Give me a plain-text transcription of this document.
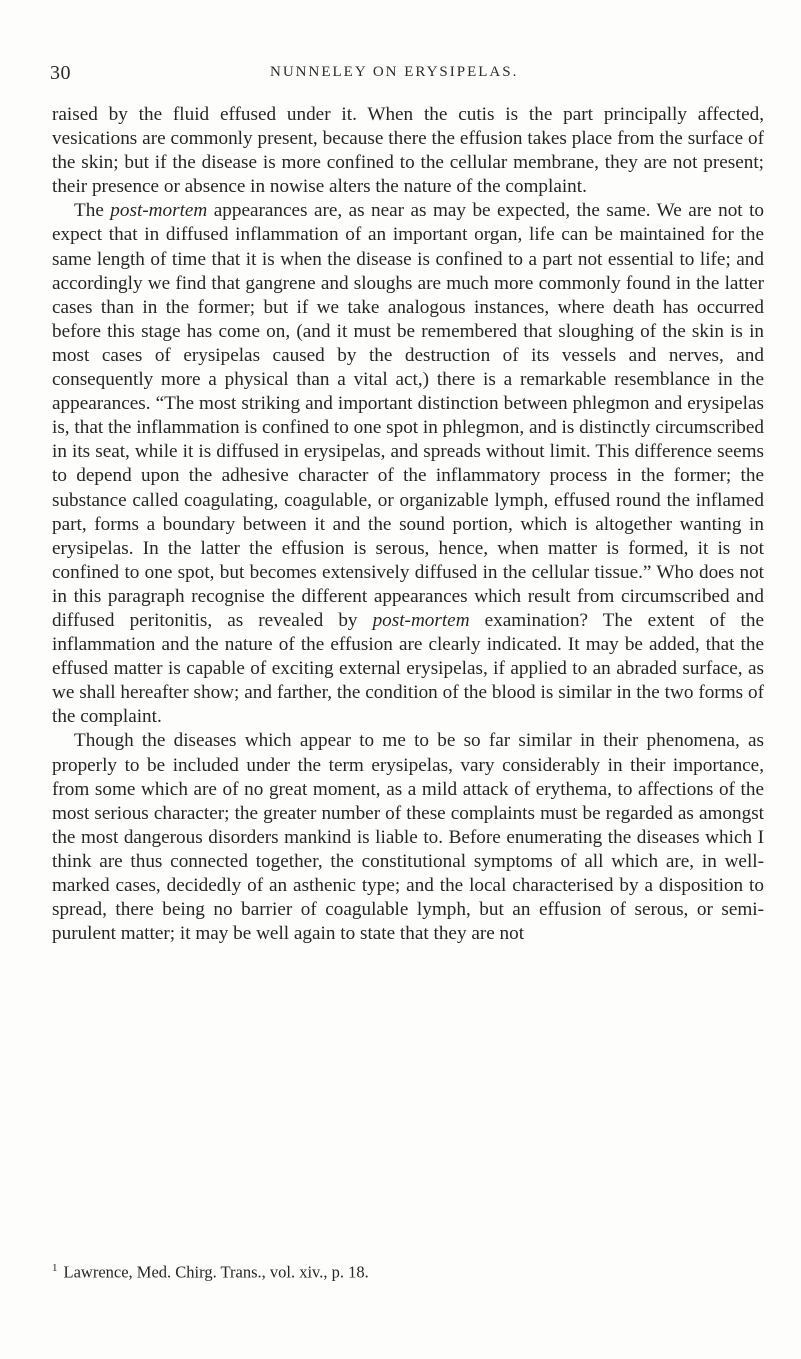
30	NUNNELEY ON ERYSIPELAS.

raised by the fluid effused under it. When the cutis is the part principally affected, vesications are commonly present, because there the effusion takes place from the surface of the skin; but if the disease is more confined to the cellular membrane, they are not present; their presence or absence in nowise alters the nature of the complaint.

The post-mortem appearances are, as near as may be expected, the same. We are not to expect that in diffused inflammation of an important organ, life can be maintained for the same length of time that it is when the disease is confined to a part not essential to life; and accordingly we find that gangrene and sloughs are much more commonly found in the latter cases than in the former; but if we take analogous instances, where death has occurred before this stage has come on, (and it must be remembered that sloughing of the skin is in most cases of erysipelas caused by the destruction of its vessels and nerves, and consequently more a physical than a vital act,) there is a remarkable resemblance in the appearances. “The most striking and important distinction between phlegmon and erysipelas is, that the inflammation is confined to one spot in phlegmon, and is distinctly circumscribed in its seat, while it is diffused in erysipelas, and spreads without limit. This difference seems to depend upon the adhesive character of the inflammatory process in the former; the substance called coagulating, coagulable, or organizable lymph, effused round the inflamed part, forms a boundary between it and the sound portion, which is altogether wanting in erysipelas. In the latter the effusion is serous, hence, when matter is formed, it is not confined to one spot, but becomes extensively diffused in the cellular tissue.” Who does not in this paragraph recognise the different appearances which result from circumscribed and diffused peritonitis, as revealed by post-mortem examination? The extent of the inflammation and the nature of the effusion are clearly indicated. It may be added, that the effused matter is capable of exciting external erysipelas, if applied to an abraded surface, as we shall hereafter show; and farther, the condition of the blood is similar in the two forms of the complaint.

Though the diseases which appear to me to be so far similar in their phenomena, as properly to be included under the term erysipelas, vary considerably in their importance, from some which are of no great moment, as a mild attack of erythema, to affections of the most serious character; the greater number of these complaints must be regarded as amongst the most dangerous disorders mankind is liable to. Before enumerating the diseases which I think are thus connected together, the constitutional symptoms of all which are, in well-marked cases, decidedly of an asthenic type; and the local characterised by a disposition to spread, there being no barrier of coagulable lymph, but an effusion of serous, or semi-purulent matter; it may be well again to state that they are not

$^1$ Lawrence, Med. Chirg. Trans., vol. xiv., p. 18.
